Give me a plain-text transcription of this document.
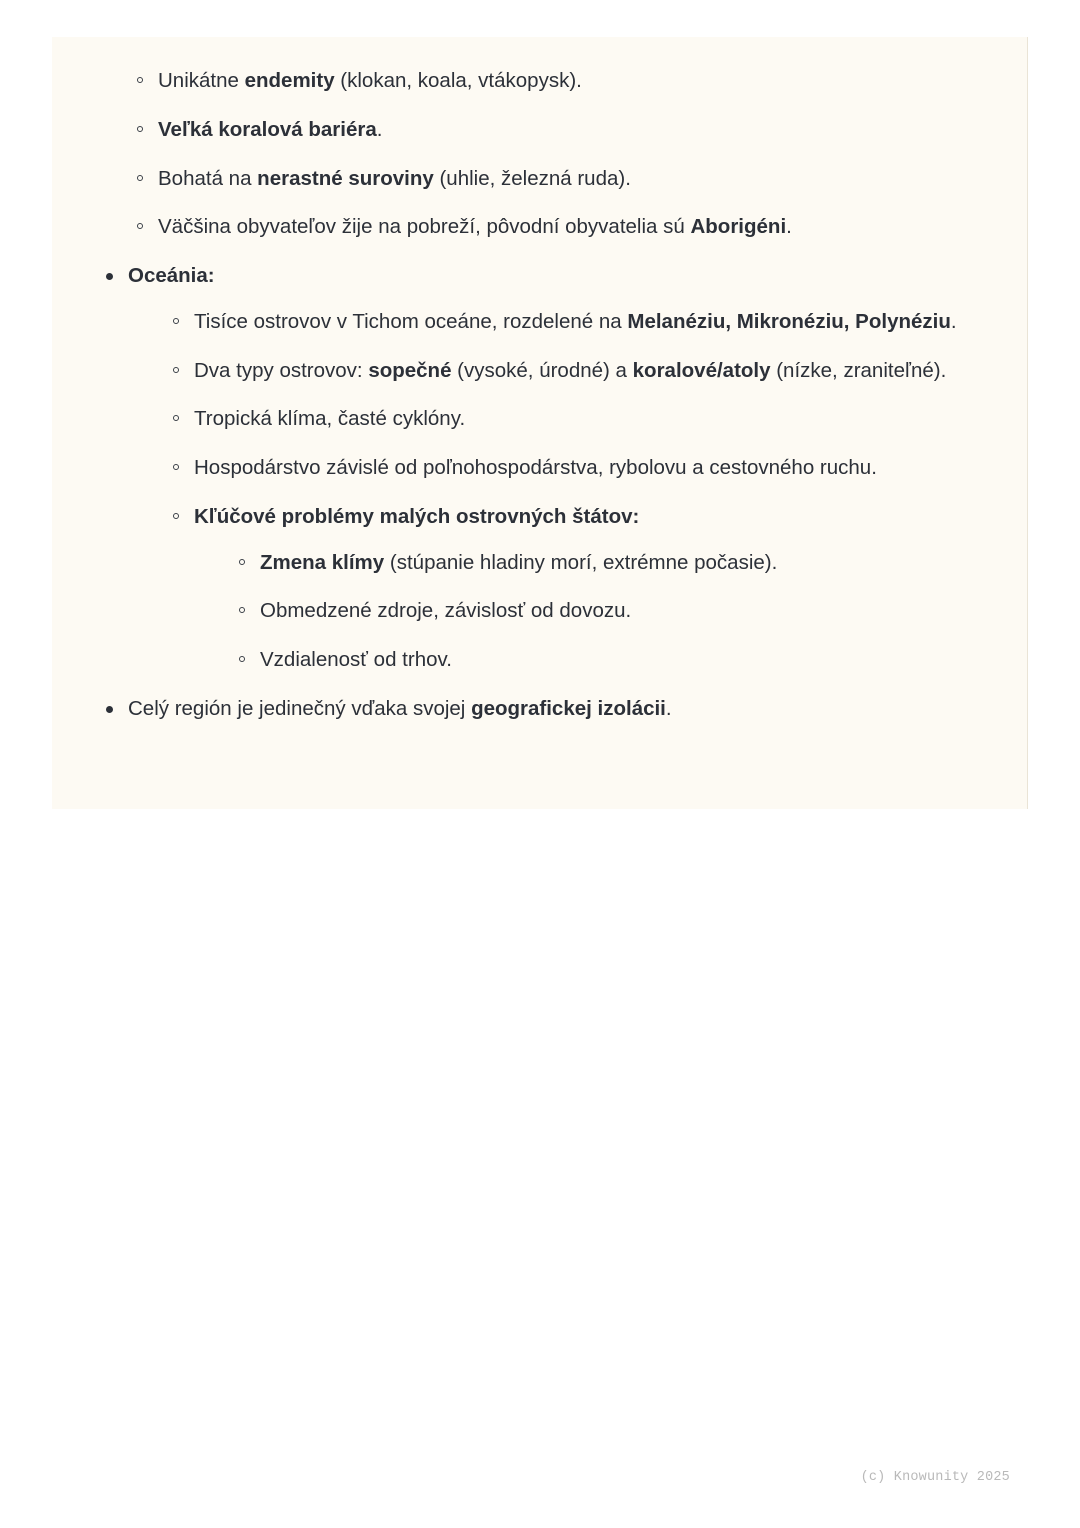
Unikátne endemity (klokan, koala, vtákopysk).
Veľká koralová bariéra.
Bohatá na nerastné suroviny (uhlie, železná ruda).
Väčšina obyvateľov žije na pobreží, pôvodní obyvatelia sú Aborigéni.
Oceánia:
Tisíce ostrovov v Tichom oceáne, rozdelené na Melanéziu, Mikronéziu, Polynéziu.
Dva typy ostrovov: sopečné (vysoké, úrodné) a koralové/atoly (nízke, zraniteľné).
Tropická klíma, časté cyklóny.
Hospodárstvo závislé od poľnohospodárstva, rybolovu a cestovného ruchu.
Kľúčové problémy malých ostrovných štátov:
Zmena klímy (stúpanie hladiny morí, extrémne počasie).
Obmedzené zdroje, závislosť od dovozu.
Vzdialenosť od trhov.
Celý región je jedinečný vďaka svojej geografickej izolácii.
(c) Knowunity 2025
